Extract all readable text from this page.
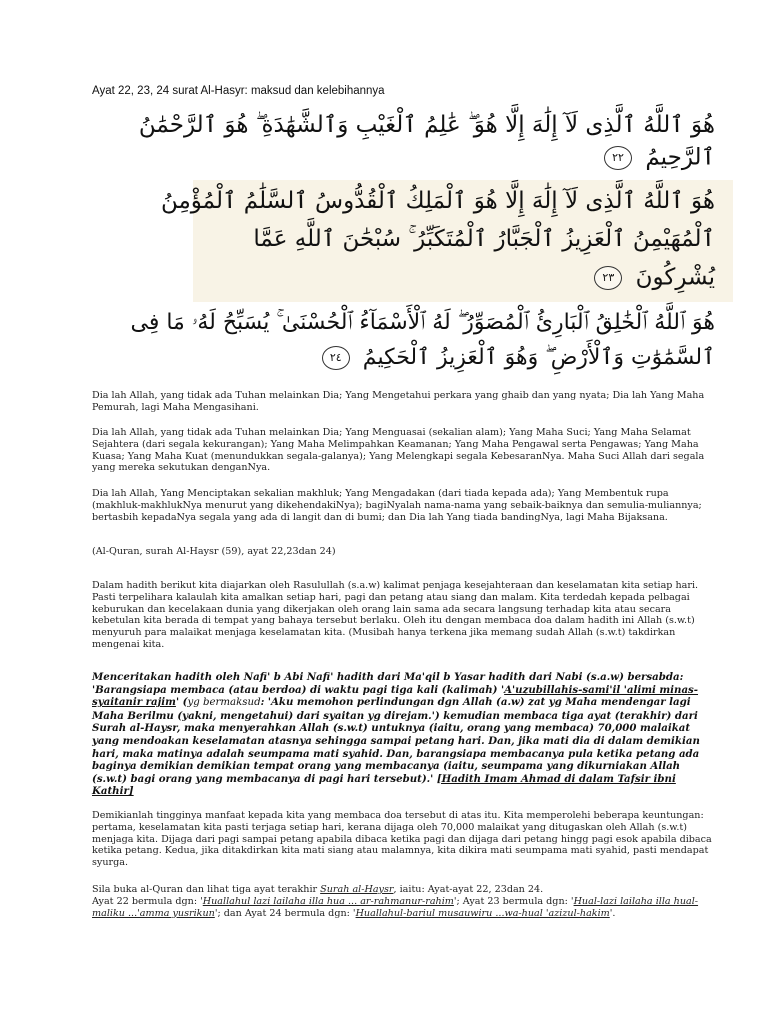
Ayat 22, 23, 24 surat Al-Hasyr: maksud dan kelebihannya
هُوَ ٱللَّهُ ٱلَّذِى لَآ إِلَٰهَ إِلَّا هُوَ ۖ عَٰلِمُ ٱلْغَيْبِ وَٱلشَّهَٰدَةِ ۖ هُوَ ٱلرَّحْمَٰنُ
ٱلرَّحِيمُ ٢٢
هُوَ ٱللَّهُ ٱلَّذِى لَآ إِلَٰهَ إِلَّا هُوَ ٱلْمَلِكُ ٱلْقُدُّوسُ ٱلسَّلَٰمُ ٱلْمُؤْمِنُ
ٱلْمُهَيْمِنُ ٱلْعَزِيزُ ٱلْجَبَّارُ ٱلْمُتَكَبِّرُ ۚ سُبْحَٰنَ ٱللَّهِ عَمَّا
يُشْرِكُونَ ٢٣
هُوَ ٱللَّهُ ٱلْخَٰلِقُ ٱلْبَارِئُ ٱلْمُصَوِّرُ ۖ لَهُ ٱلْأَسْمَآءُ ٱلْحُسْنَىٰ ۚ يُسَبِّحُ لَهُۥ مَا فِى
ٱلسَّمَٰوَٰتِ وَٱلْأَرْضِ ۖ وَهُوَ ٱلْعَزِيزُ ٱلْحَكِيمُ ٢٤

Dia lah Allah, yang tidak ada Tuhan melainkan Dia; Yang Mengetahui perkara yang ghaib dan yang nyata; Dia lah Yang Maha Pemurah, lagi Maha Mengasihani.

Dia lah Allah, yang tidak ada Tuhan melainkan Dia; Yang Menguasai (sekalian alam); Yang Maha Suci; Yang Maha Selamat Sejahtera (dari segala kekurangan); Yang Maha Melimpahkan Keamanan; Yang Maha Pengawal serta Pengawas; Yang Maha Kuasa; Yang Maha Kuat (menundukkan segala-galanya); Yang Melengkapi segala KebesaranNya. Maha Suci Allah dari segala yang mereka sekutukan denganNya.

Dia lah Allah, Yang Menciptakan sekalian makhluk; Yang Mengadakan (dari tiada kepada ada); Yang Membentuk rupa (makhluk-makhlukNya menurut yang dikehendakiNya); bagiNyalah nama-nama yang sebaik-baiknya dan semulia-muliannya; bertasbih kepadaNya segala yang ada di langit dan di bumi; dan Dia lah Yang tiada bandingNya, lagi Maha Bijaksana.

(Al-Quran, surah Al-Haysr (59), ayat 22,23dan 24)

Dalam hadith berikut kita diajarkan oleh Rasulullah (s.a.w) kalimat penjaga kesejahteraan dan keselamatan kita setiap hari. Pasti terpelihara kalaulah kita amalkan setiap hari, pagi dan petang atau siang dan malam. Kita terdedah kepada pelbagai keburukan dan kecelakaan dunia yang dikerjakan oleh orang lain sama ada secara langsung terhadap kita atau secara kebetulan kita berada di tempat yang bahaya tersebut berlaku. Oleh itu dengan membaca doa dalam hadith ini Allah (s.w.t) menyuruh para malaikat menjaga keselamatan kita. (Musibah hanya terkena jika memang sudah Allah (s.w.t) takdirkan mengenai kita.

Menceritakan hadith oleh Nafi' b Abi Nafi' hadith dari Ma'qil b Yasar hadith dari Nabi (s.a.w) bersabda: 'Barangsiapa membaca (atau berdoa) di waktu pagi tiga kali (kalimah) 'A'uzubillahis-sami'il 'alimi minas-syaitanir rajim' (yg bermaksud: 'Aku memohon perlindungan dgn Allah (a.w) zat yg Maha mendengar lagi Maha Berilmu (yakni, mengetahui) dari syaitan yg direjam.') kemudian membaca tiga ayat (terakhir) dari Surah al-Haysr, maka menyerahkan Allah (s.w.t) untuknya (iaitu, orang yang membaca) 70,000 malaikat yang mendoakan keselamatan atasnya sehingga sampai petang hari. Dan, jika mati dia di dalam demikian hari, maka matinya adalah seumpama mati syahid. Dan, barangsiapa membacanya pula ketika petang ada baginya demikian demikian tempat orang yang membacanya (iaitu, seumpama yang dikurniakan Allah (s.w.t) bagi orang yang membacanya di pagi hari tersebut).' [Hadith Imam Ahmad di dalam Tafsir ibni Kathir]

Demikianlah tingginya manfaat kepada kita yang membaca doa tersebut di atas itu. Kita memperolehi beberapa keuntungan: pertama, keselamatan kita pasti terjaga setiap hari, kerana dijaga oleh 70,000 malaikat yang ditugaskan oleh Allah (s.w.t) menjaga kita. Dijaga dari pagi sampai petang apabila dibaca ketika pagi dan dijaga dari petang hingg pagi esok apabila dibaca ketika petang. Kedua, jika ditakdirkan kita mati siang atau malamnya, kita dikira mati seumpama mati syahid, pasti mendapat syurga.

Sila buka al-Quran dan lihat tiga ayat terakhir Surah al-Haysr, iaitu: Ayat-ayat 22, 23dan 24.
Ayat 22 bermula dgn: 'Huallahul lazi lailaha illa hua ... ar-rahmanur-rahim'; Ayat 23 bermula dgn: 'Hual-lazi lailaha illa hual-maliku ...'amma yusrikun'; dan Ayat 24 bermula dgn: 'Huallahul-bariul musauwiru ...wa-hual 'azizul-hakim'.
